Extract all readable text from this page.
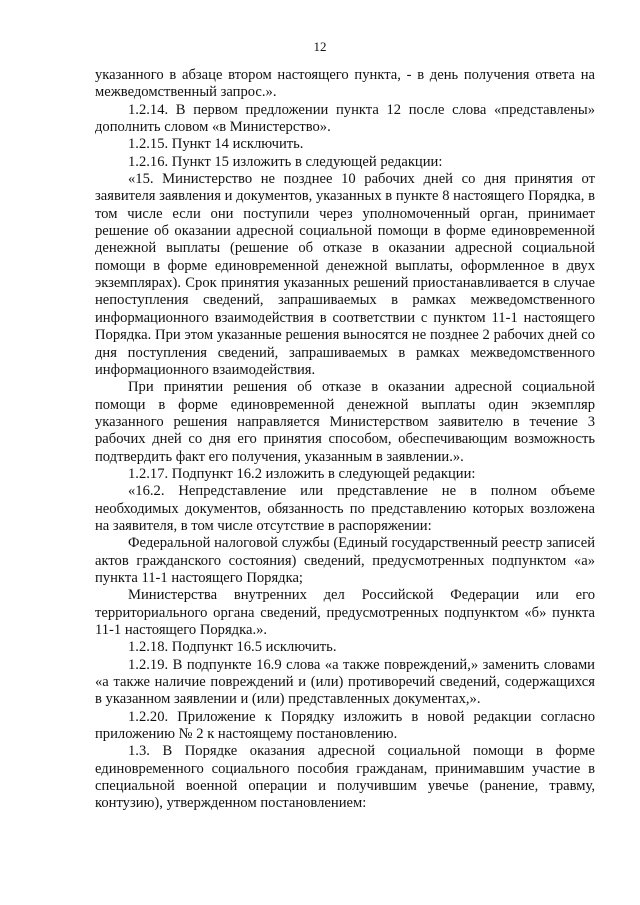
12

указанного в абзаце втором настоящего пункта, - в день получения ответа на межведомственный запрос.».

1.2.14. В первом предложении пункта 12 после слова «представлены» дополнить словом «в Министерство».

1.2.15. Пункт 14 исключить.

1.2.16. Пункт 15 изложить в следующей редакции:

«15. Министерство не позднее 10 рабочих дней со дня принятия от заявителя заявления и документов, указанных в пункте 8 настоящего Порядка, в том числе если они поступили через уполномоченный орган, принимает решение об оказании адресной социальной помощи в форме единовременной денежной выплаты (решение об отказе в оказании адресной социальной помощи в форме единовременной денежной выплаты, оформленное в двух экземплярах). Срок принятия указанных решений приостанавливается в случае непоступления сведений, запрашиваемых в рамках межведомственного информационного взаимодействия в соответствии с пунктом 11-1 настоящего Порядка. При этом указанные решения выносятся не позднее 2 рабочих дней со дня поступления сведений, запрашиваемых в рамках межведомственного информационного взаимодействия.

При принятии решения об отказе в оказании адресной социальной помощи в форме единовременной денежной выплаты один экземпляр указанного решения направляется Министерством заявителю в течение 3 рабочих дней со дня его принятия способом, обеспечивающим возможность подтвердить факт его получения, указанным в заявлении.».

1.2.17. Подпункт 16.2 изложить в следующей редакции:

«16.2. Непредставление или представление не в полном объеме необходимых документов, обязанность по представлению которых возложена на заявителя, в том числе отсутствие в распоряжении:

Федеральной налоговой службы (Единый государственный реестр записей актов гражданского состояния) сведений, предусмотренных подпунктом «а» пункта 11-1 настоящего Порядка;

Министерства внутренних дел Российской Федерации или его территориального органа сведений, предусмотренных подпунктом «б» пункта 11-1 настоящего Порядка.».

1.2.18. Подпункт 16.5 исключить.

1.2.19. В подпункте 16.9 слова «а также повреждений,» заменить словами «а также наличие повреждений и (или) противоречий сведений, содержащихся в указанном заявлении и (или) представленных документах,».

1.2.20. Приложение к Порядку изложить в новой редакции согласно приложению № 2 к настоящему постановлению.

1.3. В Порядке оказания адресной социальной помощи в форме единовременного социального пособия гражданам, принимавшим участие в специальной военной операции и получившим увечье (ранение, травму, контузию), утвержденном постановлением:
